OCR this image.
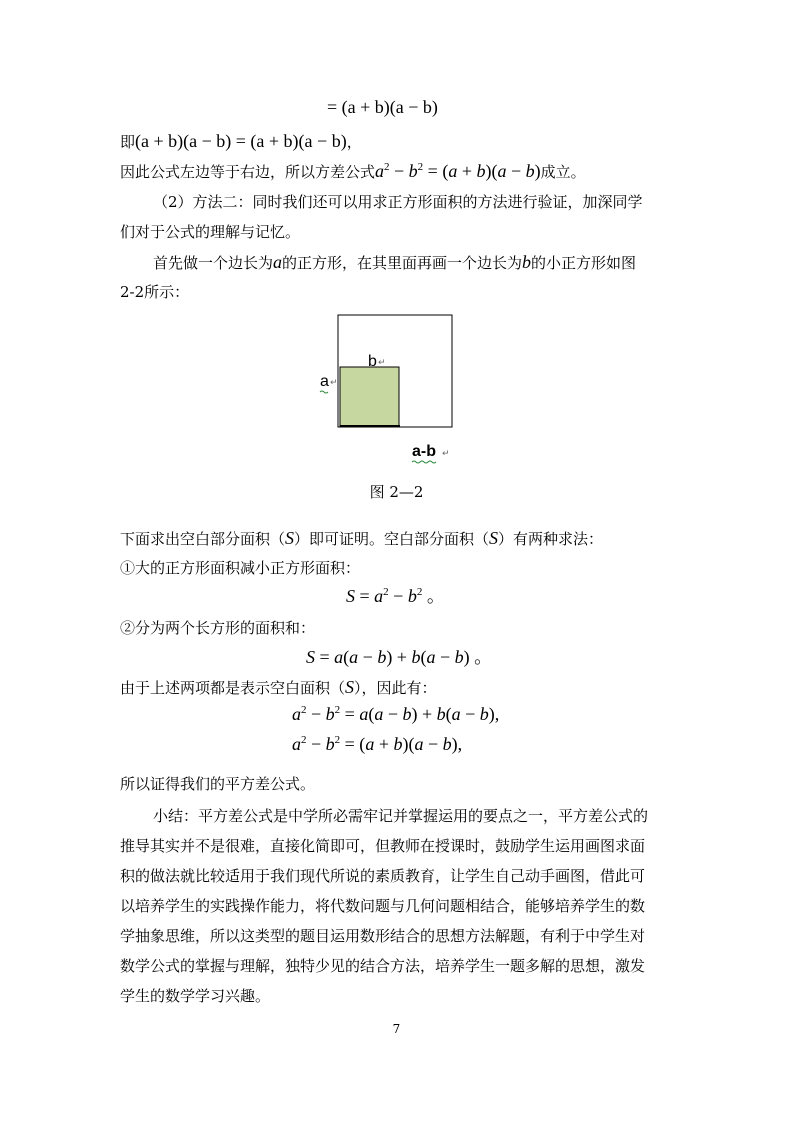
= (a + b)(a − b)
即(a + b)(a − b) = (a + b)(a − b)，
因此公式左边等于右边，所以方差公式$a^2 - b^2 = (a + b)(a - b)$成立。
（2）方法二：同时我们还可以用求正方形面积的方法进行验证，加深同学
们对于公式的理解与记忆。
首先做一个边长为a的正方形，在其里面再画一个边长为b的小正方形如图
2-2所示：
b ↵
a ↵
a-b ↵
图 2—2
下面求出空白部分面积（S）即可证明。空白部分面积（S）有两种求法：
①大的正方形面积减小正方形面积：
$S = a^2 - b^2$ 。
②分为两个长方形的面积和：
S = a(a − b) + b(a − b) 。
由于上述两项都是表示空白面积（S），因此有：
$a^2 - b^2 = a(a - b) + b(a - b)$,
$a^2 - b^2 = (a + b)(a - b)$,
所以证得我们的平方差公式。
小结：平方差公式是中学所必需牢记并掌握运用的要点之一，平方差公式的
推导其实并不是很难，直接化简即可，但教师在授课时，鼓励学生运用画图求面
积的做法就比较适用于我们现代所说的素质教育，让学生自己动手画图，借此可
以培养学生的实践操作能力，将代数问题与几何问题相结合，能够培养学生的数
学抽象思维，所以这类型的题目运用数形结合的思想方法解题，有利于中学生对
数学公式的掌握与理解，独特少见的结合方法，培养学生一题多解的思想，激发
学生的数学学习兴趣。
7
